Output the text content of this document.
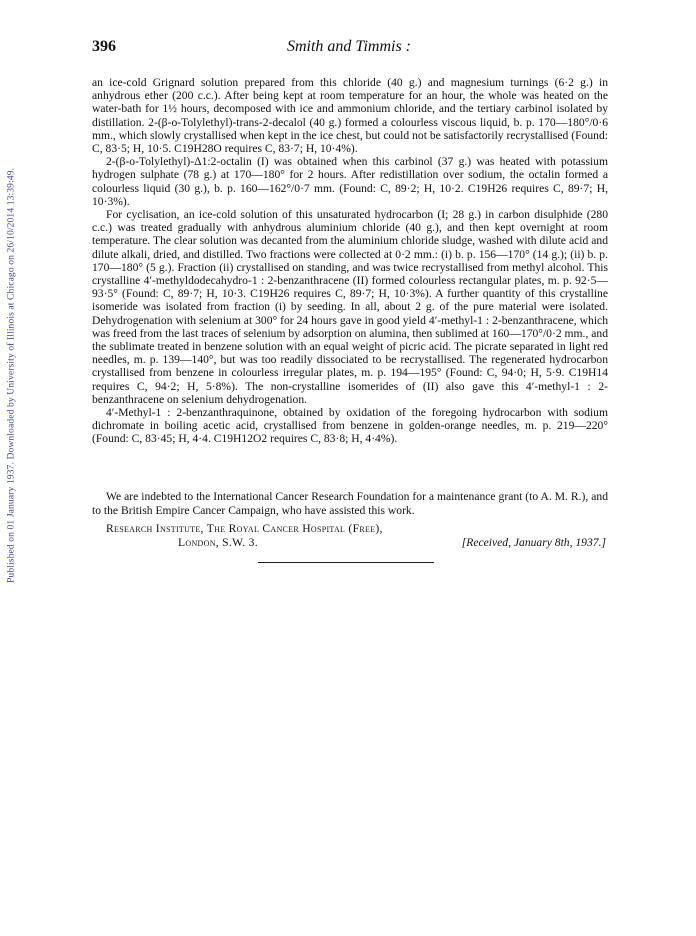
Published on 01 January 1937. Downloaded by University of Illinois at Chicago on 26/10/2014 13:39:49.
396	Smith and Timmis :

an ice-cold Grignard solution prepared from this chloride (40 g.) and magnesium turnings (6·2 g.) in anhydrous ether (200 c.c.). After being kept at room temperature for an hour, the whole was heated on the water-bath for 1½ hours, decomposed with ice and ammonium chloride, and the tertiary carbinol isolated by distillation. 2-(β-o-Tolylethyl)-trans-2-decalol (40 g.) formed a colourless viscous liquid, b. p. 170—180°/0·6 mm., which slowly crystallised when kept in the ice chest, but could not be satisfactorily recrystallised (Found: C, 83·5; H, 10·5. C19H28O requires C, 83·7; H, 10·4%).

2-(β-o-Tolylethyl)-Δ1:2-octalin (I) was obtained when this carbinol (37 g.) was heated with potassium hydrogen sulphate (78 g.) at 170—180° for 2 hours. After redistillation over sodium, the octalin formed a colourless liquid (30 g.), b. p. 160—162°/0·7 mm. (Found: C, 89·2; H, 10·2. C19H26 requires C, 89·7; H, 10·3%).

For cyclisation, an ice-cold solution of this unsaturated hydrocarbon (I; 28 g.) in carbon disulphide (280 c.c.) was treated gradually with anhydrous aluminium chloride (40 g.), and then kept overnight at room temperature. The clear solution was decanted from the aluminium chloride sludge, washed with dilute acid and dilute alkali, dried, and distilled. Two fractions were collected at 0·2 mm.: (i) b. p. 156—170° (14 g.); (ii) b. p. 170—180° (5 g.). Fraction (ii) crystallised on standing, and was twice recrystallised from methyl alcohol. This crystalline 4′-methyldodecahydro-1 : 2-benzanthracene (II) formed colourless rectangular plates, m. p. 92·5—93·5° (Found: C, 89·7; H, 10·3. C19H26 requires C, 89·7; H, 10·3%). A further quantity of this crystalline isomeride was isolated from fraction (i) by seeding. In all, about 2 g. of the pure material were isolated. Dehydrogenation with selenium at 300° for 24 hours gave in good yield 4′-methyl-1 : 2-benzanthracene, which was freed from the last traces of selenium by adsorption on alumina, then sublimed at 160—170°/0·2 mm., and the sublimate treated in benzene solution with an equal weight of picric acid. The picrate separated in light red needles, m. p. 139—140°, but was too readily dissociated to be recrystallised. The regenerated hydrocarbon crystallised from benzene in colourless irregular plates, m. p. 194—195° (Found: C, 94·0; H, 5·9. C19H14 requires C, 94·2; H, 5·8%). The non-crystalline isomerides of (II) also gave this 4′-methyl-1 : 2-benzanthracene on selenium dehydrogenation.

4′-Methyl-1 : 2-benzanthraquinone, obtained by oxidation of the foregoing hydrocarbon with sodium dichromate in boiling acetic acid, crystallised from benzene in golden-orange needles, m. p. 219—220° (Found: C, 83·45; H, 4·4. C19H12O2 requires C, 83·8; H, 4·4%).

We are indebted to the International Cancer Research Foundation for a maintenance grant (to A. M. R.), and to the British Empire Cancer Campaign, who have assisted this work.

Research Institute, The Royal Cancer Hospital (Free),
London, S.W. 3.	[Received, January 8th, 1937.]
